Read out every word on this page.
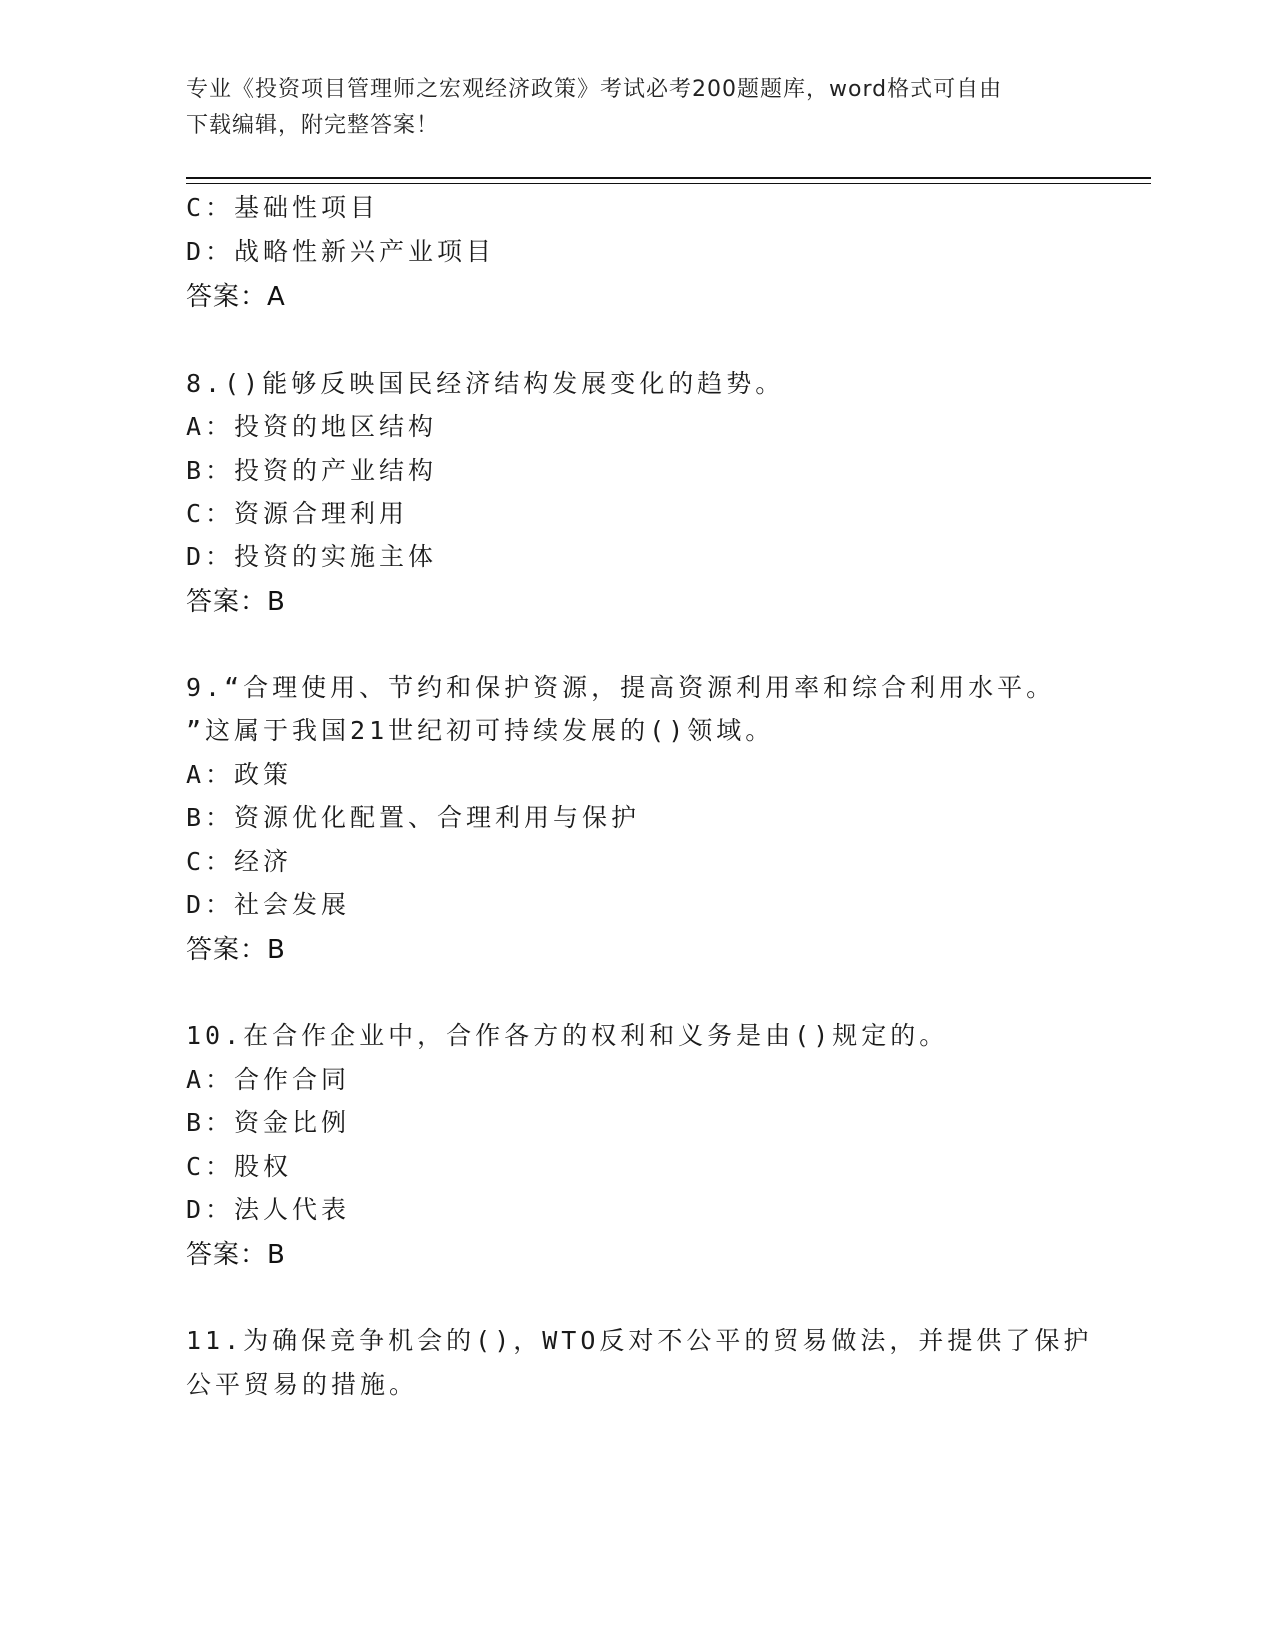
专业《投资项目管理师之宏观经济政策》考试必考200题题库，word格式可自由
下载编辑，附完整答案！

C：基础性项目

D：战略性新兴产业项目

答案：A

8.()能够反映国民经济结构发展变化的趋势。

A：投资的地区结构

B：投资的产业结构

C：资源合理利用

D：投资的实施主体

答案：B

9.“合理使用、节约和保护资源，提高资源利用率和综合利用水平。

”这属于我国21世纪初可持续发展的()领域。

A：政策

B：资源优化配置、合理利用与保护

C：经济

D：社会发展

答案：B

10.在合作企业中，合作各方的权利和义务是由()规定的。

A：合作合同

B：资金比例

C：股权

D：法人代表

答案：B

11.为确保竞争机会的()，WTO反对不公平的贸易做法，并提供了保护

公平贸易的措施。
